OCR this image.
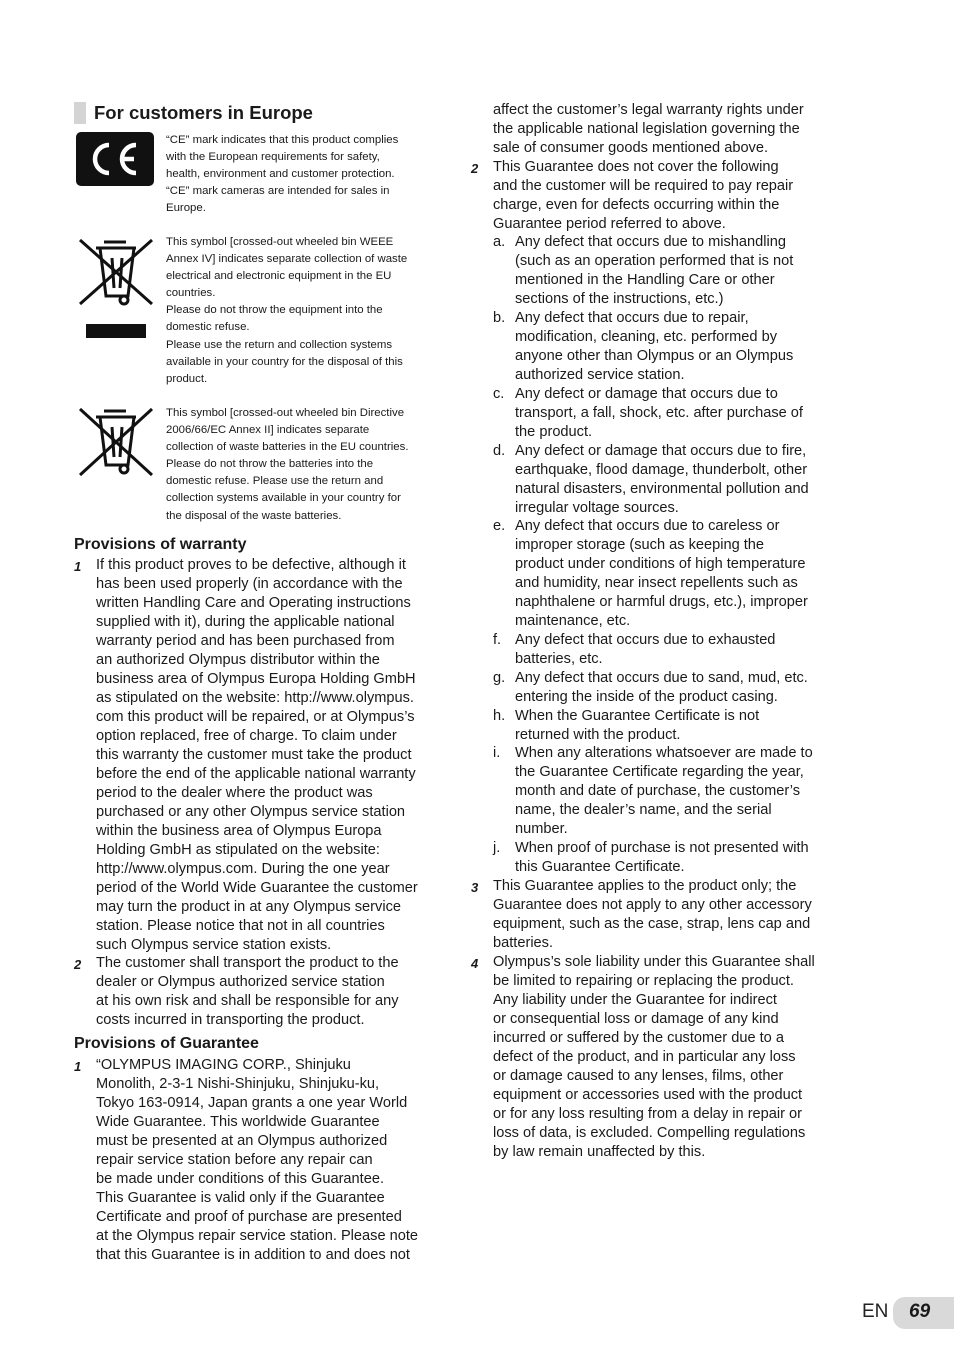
For customers in Europe
“CE” mark indicates that this product complies
with the European requirements for safety,
health, environment and customer protection.
“CE” mark cameras are intended for sales in
Europe.
This symbol [crossed-out wheeled bin WEEE
Annex IV] indicates separate collection of waste
electrical and electronic equipment in the EU
countries.
Please do not throw the equipment into the
domestic refuse.
Please use the return and collection systems
available in your country for the disposal of this
product.
This symbol [crossed-out wheeled bin Directive
2006/66/EC Annex II] indicates separate
collection of waste batteries in the EU countries.
Please do not throw the batteries into the
domestic refuse. Please use the return and
collection systems available in your country for
the disposal of the waste batteries.
Provisions of warranty
1 If this product proves to be defective, although it
has been used properly (in accordance with the
written Handling Care and Operating instructions
supplied with it), during the applicable national
warranty period and has been purchased from
an authorized Olympus distributor within the
business area of Olympus Europa Holding GmbH
as stipulated on the website: http://www.olympus.
com this product will be repaired, or at Olympus’s
option replaced, free of charge. To claim under
this warranty the customer must take the product
before the end of the applicable national warranty
period to the dealer where the product was
purchased or any other Olympus service station
within the business area of Olympus Europa
Holding GmbH as stipulated on the website:
http://www.olympus.com. During the one year
period of the World Wide Guarantee the customer
may turn the product in at any Olympus service
station. Please notice that not in all countries
such Olympus service station exists.
2 The customer shall transport the product to the
dealer or Olympus authorized service station
at his own risk and shall be responsible for any
costs incurred in transporting the product.
Provisions of Guarantee
1 “OLYMPUS IMAGING CORP., Shinjuku
Monolith, 2-3-1 Nishi-Shinjuku, Shinjuku-ku,
Tokyo 163-0914, Japan grants a one year World
Wide Guarantee. This worldwide Guarantee
must be presented at an Olympus authorized
repair service station before any repair can
be made under conditions of this Guarantee.
This Guarantee is valid only if the Guarantee
Certificate and proof of purchase are presented
at the Olympus repair service station. Please note
that this Guarantee is in addition to and does not
affect the customer’s legal warranty rights under
the applicable national legislation governing the
sale of consumer goods mentioned above.
2 This Guarantee does not cover the following
and the customer will be required to pay repair
charge, even for defects occurring within the
Guarantee period referred to above.
a. Any defect that occurs due to mishandling
(such as an operation performed that is not
mentioned in the Handling Care or other
sections of the instructions, etc.)
b. Any defect that occurs due to repair,
modification, cleaning, etc. performed by
anyone other than Olympus or an Olympus
authorized service station.
c. Any defect or damage that occurs due to
transport, a fall, shock, etc. after purchase of
the product.
d. Any defect or damage that occurs due to fire,
earthquake, flood damage, thunderbolt, other
natural disasters, environmental pollution and
irregular voltage sources.
e. Any defect that occurs due to careless or
improper storage (such as keeping the
product under conditions of high temperature
and humidity, near insect repellents such as
naphthalene or harmful drugs, etc.), improper
maintenance, etc.
f. Any defect that occurs due to exhausted
batteries, etc.
g. Any defect that occurs due to sand, mud, etc.
entering the inside of the product casing.
h. When the Guarantee Certificate is not
returned with the product.
i. When any alterations whatsoever are made to
the Guarantee Certificate regarding the year,
month and date of purchase, the customer’s
name, the dealer’s name, and the serial
number.
j. When proof of purchase is not presented with
this Guarantee Certificate.
3 This Guarantee applies to the product only; the
Guarantee does not apply to any other accessory
equipment, such as the case, strap, lens cap and
batteries.
4 Olympus’s sole liability under this Guarantee shall
be limited to repairing or replacing the product.
Any liability under the Guarantee for indirect
or consequential loss or damage of any kind
incurred or suffered by the customer due to a
defect of the product, and in particular any loss
or damage caused to any lenses, films, other
equipment or accessories used with the product
or for any loss resulting from a delay in repair or
loss of data, is excluded. Compelling regulations
by law remain unaffected by this.
EN 69
